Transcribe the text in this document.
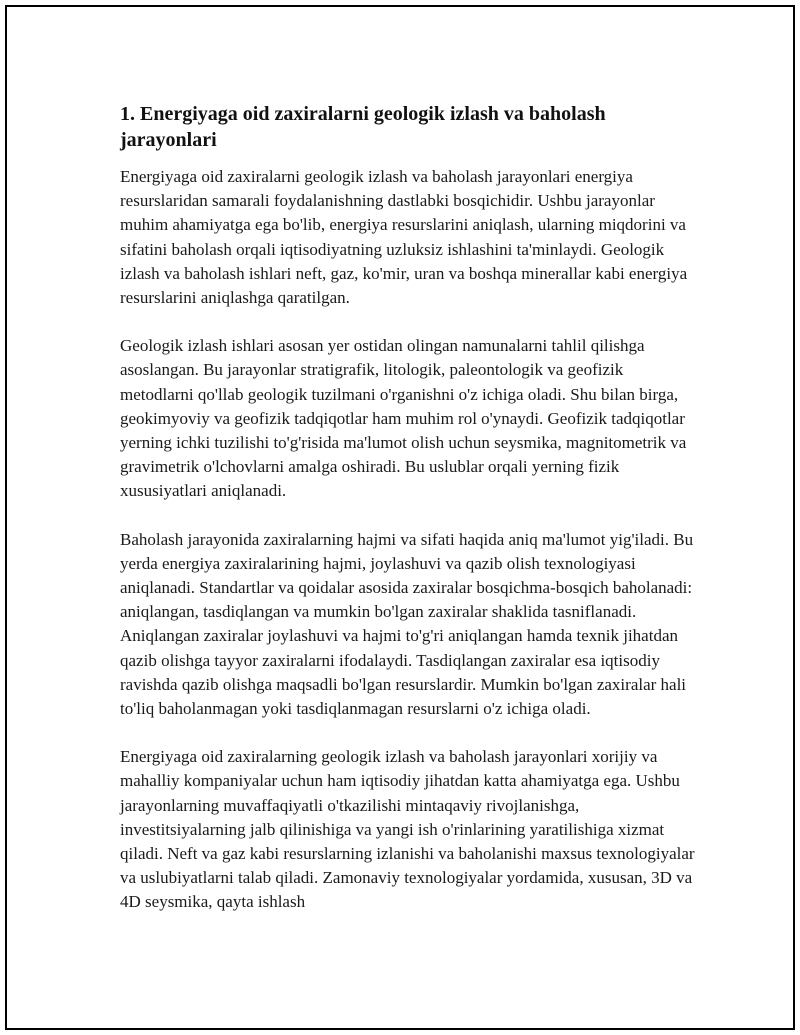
1. Energiyaga oid zaxiralarni geologik izlash va baholash jarayonlari

Energiyaga oid zaxiralarni geologik izlash va baholash jarayonlari energiya resurslaridan samarali foydalanishning dastlabki bosqichidir. Ushbu jarayonlar muhim ahamiyatga ega bo'lib, energiya resurslarini aniqlash, ularning miqdorini va sifatini baholash orqali iqtisodiyatning uzluksiz ishlashini ta'minlaydi. Geologik izlash va baholash ishlari neft, gaz, ko'mir, uran va boshqa minerallar kabi energiya resurslarini aniqlashga qaratilgan.

Geologik izlash ishlari asosan yer ostidan olingan namunalarni tahlil qilishga asoslangan. Bu jarayonlar stratigrafik, litologik, paleontologik va geofizik metodlarni qo'llab geologik tuzilmani o'rganishni o'z ichiga oladi. Shu bilan birga, geokimyoviy va geofizik tadqiqotlar ham muhim rol o'ynaydi. Geofizik tadqiqotlar yerning ichki tuzilishi to'g'risida ma'lumot olish uchun seysmika, magnitometrik va gravimetrik o'lchovlarni amalga oshiradi. Bu uslublar orqali yerning fizik xususiyatlari aniqlanadi.

Baholash jarayonida zaxiralarning hajmi va sifati haqida aniq ma'lumot yig'iladi. Bu yerda energiya zaxiralarining hajmi, joylashuvi va qazib olish texnologiyasi aniqlanadi. Standartlar va qoidalar asosida zaxiralar bosqichma-bosqich baholanadi: aniqlangan, tasdiqlangan va mumkin bo'lgan zaxiralar shaklida tasniflanadi. Aniqlangan zaxiralar joylashuvi va hajmi to'g'ri aniqlangan hamda texnik jihatdan qazib olishga tayyor zaxiralarni ifodalaydi. Tasdiqlangan zaxiralar esa iqtisodiy ravishda qazib olishga maqsadli bo'lgan resurslardir. Mumkin bo'lgan zaxiralar hali to'liq baholanmagan yoki tasdiqlanmagan resurslarni o'z ichiga oladi.

Energiyaga oid zaxiralarning geologik izlash va baholash jarayonlari xorijiy va mahalliy kompaniyalar uchun ham iqtisodiy jihatdan katta ahamiyatga ega. Ushbu jarayonlarning muvaffaqiyatli o'tkazilishi mintaqaviy rivojlanishga, investitsiyalarning jalb qilinishiga va yangi ish o'rinlarining yaratilishiga xizmat qiladi. Neft va gaz kabi resurslarning izlanishi va baholanishi maxsus texnologiyalar va uslubiyatlarni talab qiladi. Zamonaviy texnologiyalar yordamida, xususan, 3D va 4D seysmika, qayta ishlash
